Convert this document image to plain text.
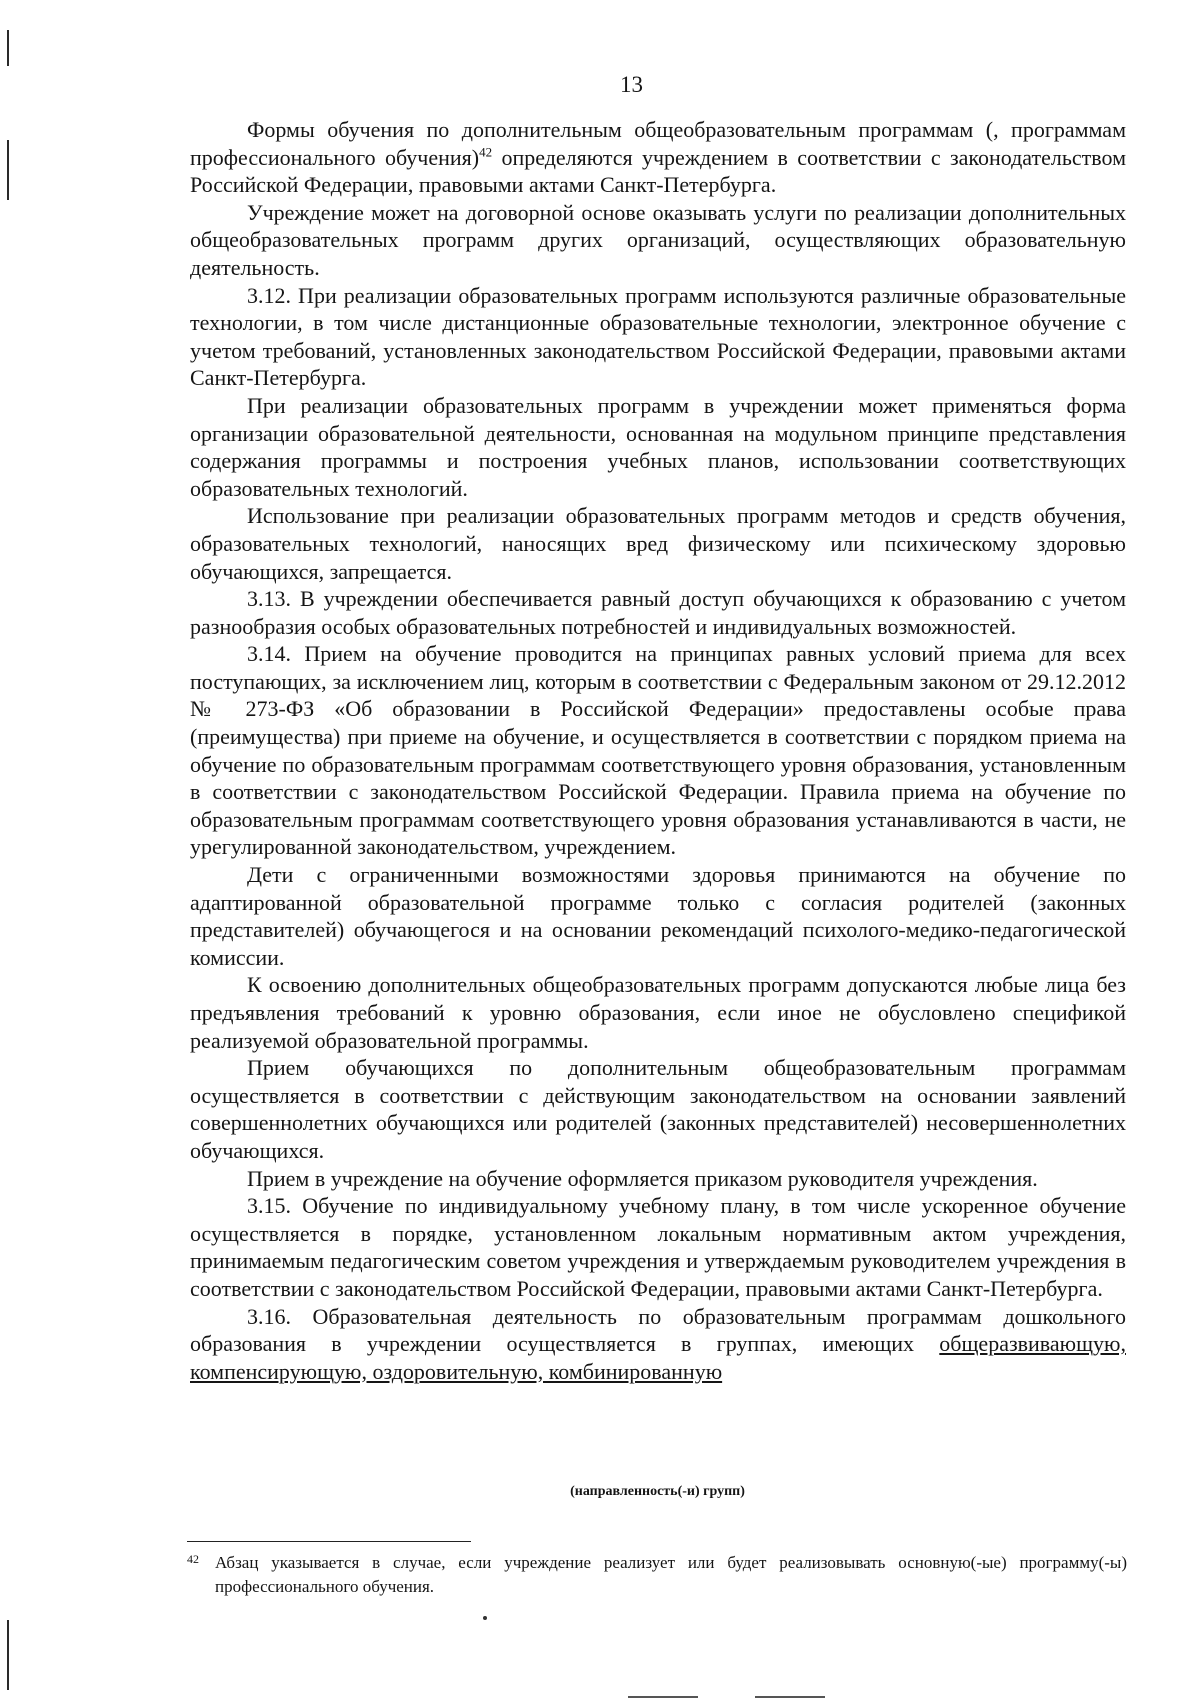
13

Формы обучения по дополнительным общеобразовательным программам (, программам профессионального обучения)$^{42}$ определяются учреждением в соответствии с законодательством Российской Федерации, правовыми актами Санкт-Петербурга.

Учреждение может на договорной основе оказывать услуги по реализации дополнительных общеобразовательных программ других организаций, осуществляющих образовательную деятельность.

3.12. При реализации образовательных программ используются различные образовательные технологии, в том числе дистанционные образовательные технологии, электронное обучение с учетом требований, установленных законодательством Российской Федерации, правовыми актами Санкт-Петербурга.

При реализации образовательных программ в учреждении может применяться форма организации образовательной деятельности, основанная на модульном принципе представления содержания программы и построения учебных планов, использовании соответствующих образовательных технологий.

Использование при реализации образовательных программ методов и средств обучения, образовательных технологий, наносящих вред физическому или психическому здоровью обучающихся, запрещается.

3.13. В учреждении обеспечивается равный доступ обучающихся к образованию с учетом разнообразия особых образовательных потребностей и индивидуальных возможностей.

3.14. Прием на обучение проводится на принципах равных условий приема для всех поступающих, за исключением лиц, которым в соответствии с Федеральным законом от 29.12.2012 № 273-ФЗ «Об образовании в Российской Федерации» предоставлены особые права (преимущества) при приеме на обучение, и осуществляется в соответствии с порядком приема на обучение по образовательным программам соответствующего уровня образования, установленным в соответствии с законодательством Российской Федерации. Правила приема на обучение по образовательным программам соответствующего уровня образования устанавливаются в части, не урегулированной законодательством, учреждением.

Дети с ограниченными возможностями здоровья принимаются на обучение по адаптированной образовательной программе только с согласия родителей (законных представителей) обучающегося и на основании рекомендаций психолого-медико-педагогической комиссии.

К освоению дополнительных общеобразовательных программ допускаются любые лица без предъявления требований к уровню образования, если иное не обусловлено спецификой реализуемой образовательной программы.

Прием обучающихся по дополнительным общеобразовательным программам осуществляется в соответствии с действующим законодательством на основании заявлений совершеннолетних обучающихся или родителей (законных представителей) несовершеннолетних обучающихся.

Прием в учреждение на обучение оформляется приказом руководителя учреждения.

3.15. Обучение по индивидуальному учебному плану, в том числе ускоренное обучение осуществляется в порядке, установленном локальным нормативным актом учреждения, принимаемым педагогическим советом учреждения и утверждаемым руководителем учреждения в соответствии с законодательством Российской Федерации, правовыми актами Санкт-Петербурга.

3.16. Образовательная деятельность по образовательным программам дошкольного образования в учреждении осуществляется в группах, имеющих общеразвивающую, компенсирующую, оздоровительную, комбинированную

(направленность(-и) групп)
42 Абзац указывается в случае, если учреждение реализует или будет реализовывать основную(-ые) программу(-ы) профессионального обучения.
